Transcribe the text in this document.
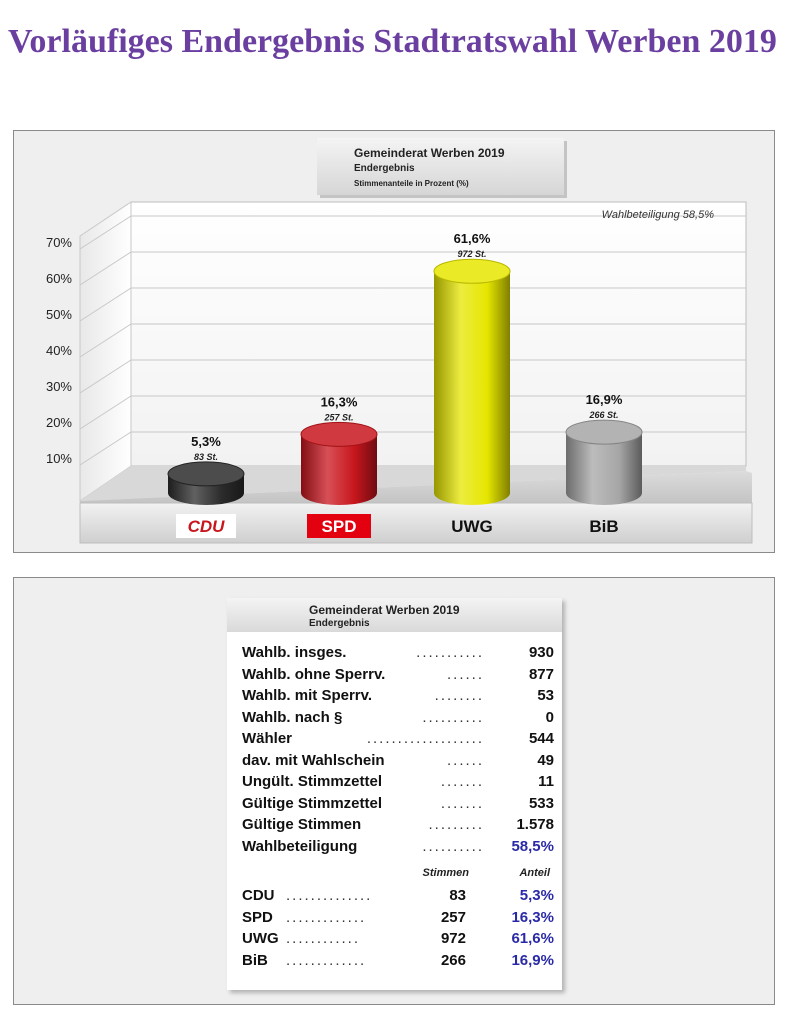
Vorläufiges Endergebnis Stadtratswahl Werben 2019
Gemeinderat Werben 2019
Endergebnis
Stimmenanteile in Prozent (%)
Wahlbeteiligung 58,5%
10%
20%
30%
40%
50%
60%
70%
5,3%
83 St.
CDU
16,3%
257 St.
SPD
61,6%
972 St.
UWG
16,9%
266 St.
BiB
Gemeinderat Werben 2019
Endergebnis
Wahlb. insges.	...........	930
Wahlb. ohne Sperrv.	......	877
Wahlb. mit Sperrv.	........	53
Wahlb. nach §	..........	0
Wähler	...................	544
dav. mit Wahlschein	......	49
Ungült. Stimmzettel	.......	11
Gültige Stimmzettel	.......	533
Gültige Stimmen	......... 1.578
Wahlbeteiligung	.......... 58,5%
Stimmen	Anteil
CDU ..............	83	5,3%
SPD .............	257	16,3%
UWG ............	972	61,6%
BiB .............	266	16,9%
